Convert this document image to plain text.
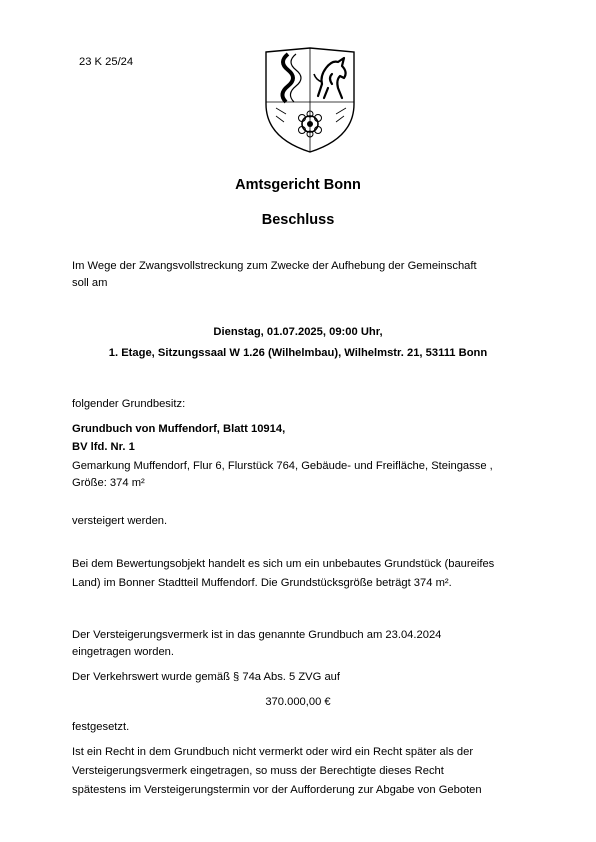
23 K 25/24
Amtsgericht Bonn
Beschluss
Im Wege der Zwangsvollstreckung zum Zwecke der Aufhebung der Gemeinschaft
soll am
Dienstag, 01.07.2025, 09:00 Uhr,
1. Etage, Sitzungssaal W 1.26 (Wilhelmbau), Wilhelmstr. 21, 53111 Bonn
folgender Grundbesitz:
Grundbuch von Muffendorf, Blatt 10914,
BV lfd. Nr. 1
Gemarkung Muffendorf, Flur 6, Flurstück 764, Gebäude- und Freifläche, Steingasse ,
Größe: 374 m²
versteigert werden.
Bei dem Bewertungsobjekt handelt es sich um ein unbebautes Grundstück (baureifes
Land) im Bonner Stadtteil Muffendorf. Die Grundstücksgröße beträgt 374 m².
Der Versteigerungsvermerk ist in das genannte Grundbuch am 23.04.2024
eingetragen worden.
Der Verkehrswert wurde gemäß § 74a Abs. 5 ZVG auf
370.000,00 €
festgesetzt.
Ist ein Recht in dem Grundbuch nicht vermerkt oder wird ein Recht später als der
Versteigerungsvermerk eingetragen, so muss der Berechtigte dieses Recht
spätestens im Versteigerungstermin vor der Aufforderung zur Abgabe von Geboten
